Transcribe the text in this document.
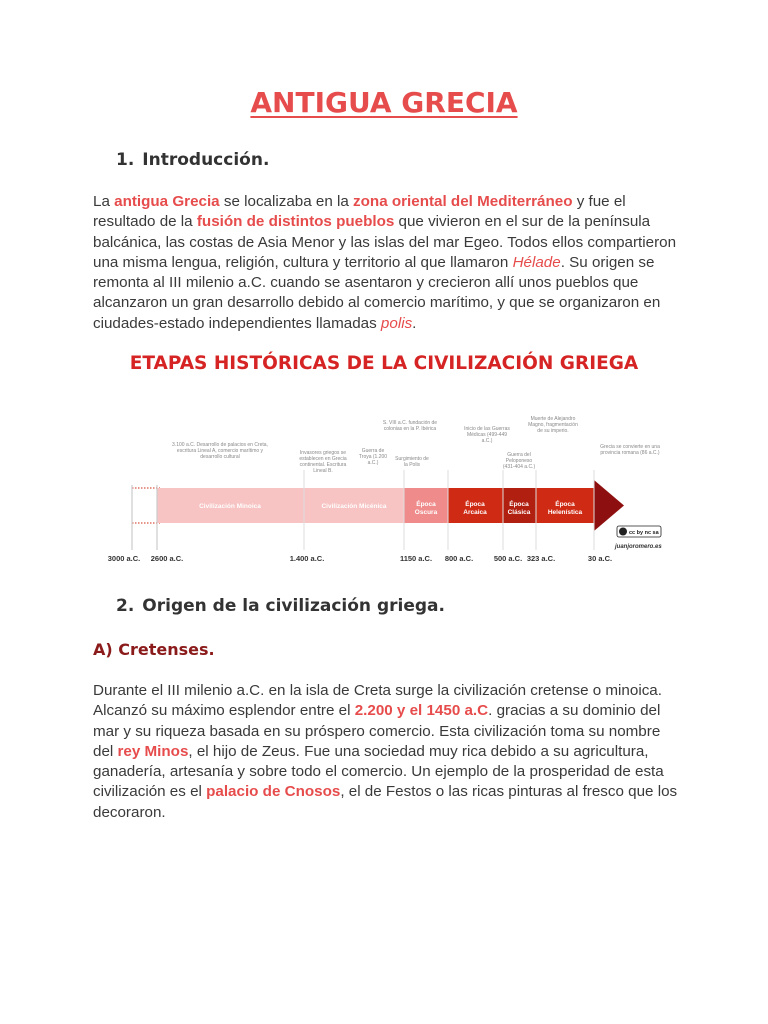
ANTIGUA GRECIA
1. Introducción.

La antigua Grecia se localizaba en la zona oriental del Mediterráneo y fue el resultado de la fusión de distintos pueblos que vivieron en el sur de la península balcánica, las costas de Asia Menor y las islas del mar Egeo. Todos ellos compartieron una misma lengua, religión, cultura y territorio al que llamaron Hélade. Su origen se remonta al III milenio a.C. cuando se asentaron y crecieron allí unos pueblos que alcanzaron un gran desarrollo debido al comercio marítimo, y que se organizaron en ciudades-estado independientes llamadas polis.

ETAPAS HISTÓRICAS DE LA CIVILIZACIÓN GRIEGA
Civilización Minoica	Civilización Micénica	Época Oscura
Época Arcaica
Época Clásica
Época Helenística
3000 a.C. 2600 a.C.	1.400 a.C.	1150 a.C. 800 a.C.	500 a.C. 323 a.C.	30 a.C.
3.100 a.C. Desarrollo de palacios en Creta, escritura Lineal A, comercio marítimo y desarrollo cultural
Invasores griegos se establecen en Grecia continental. Escritura Lineal B.
Guerra de Troya (1.200 a.C.)
S. VIII a.C. fundación de colonias en la P. Ibérica
Surgimiento de la Polis
Inicio de las Guerras Médicas (499-449 a.C.)
Guerra del Peloponeso (431-404 a.C.)
Muerte de Alejandro Magno, fragmentación de su imperio.
Grecia se convierte en una provincia romana (86 a.C.)
cc by nc sa
juanjoromero.es
2. Origen de la civilización griega.
A) Cretenses.

Durante el III milenio a.C. en la isla de Creta surge la civilización cretense o minoica. Alcanzó su máximo esplendor entre el 2.200 y el 1450 a.C. gracias a su dominio del mar y su riqueza basada en su próspero comercio. Esta civilización toma su nombre del rey Minos, el hijo de Zeus. Fue una sociedad muy rica debido a su agricultura, ganadería, artesanía y sobre todo el comercio. Un ejemplo de la prosperidad de esta civilización es el palacio de Cnosos, el de Festos o las ricas pinturas al fresco que los decoraron.
